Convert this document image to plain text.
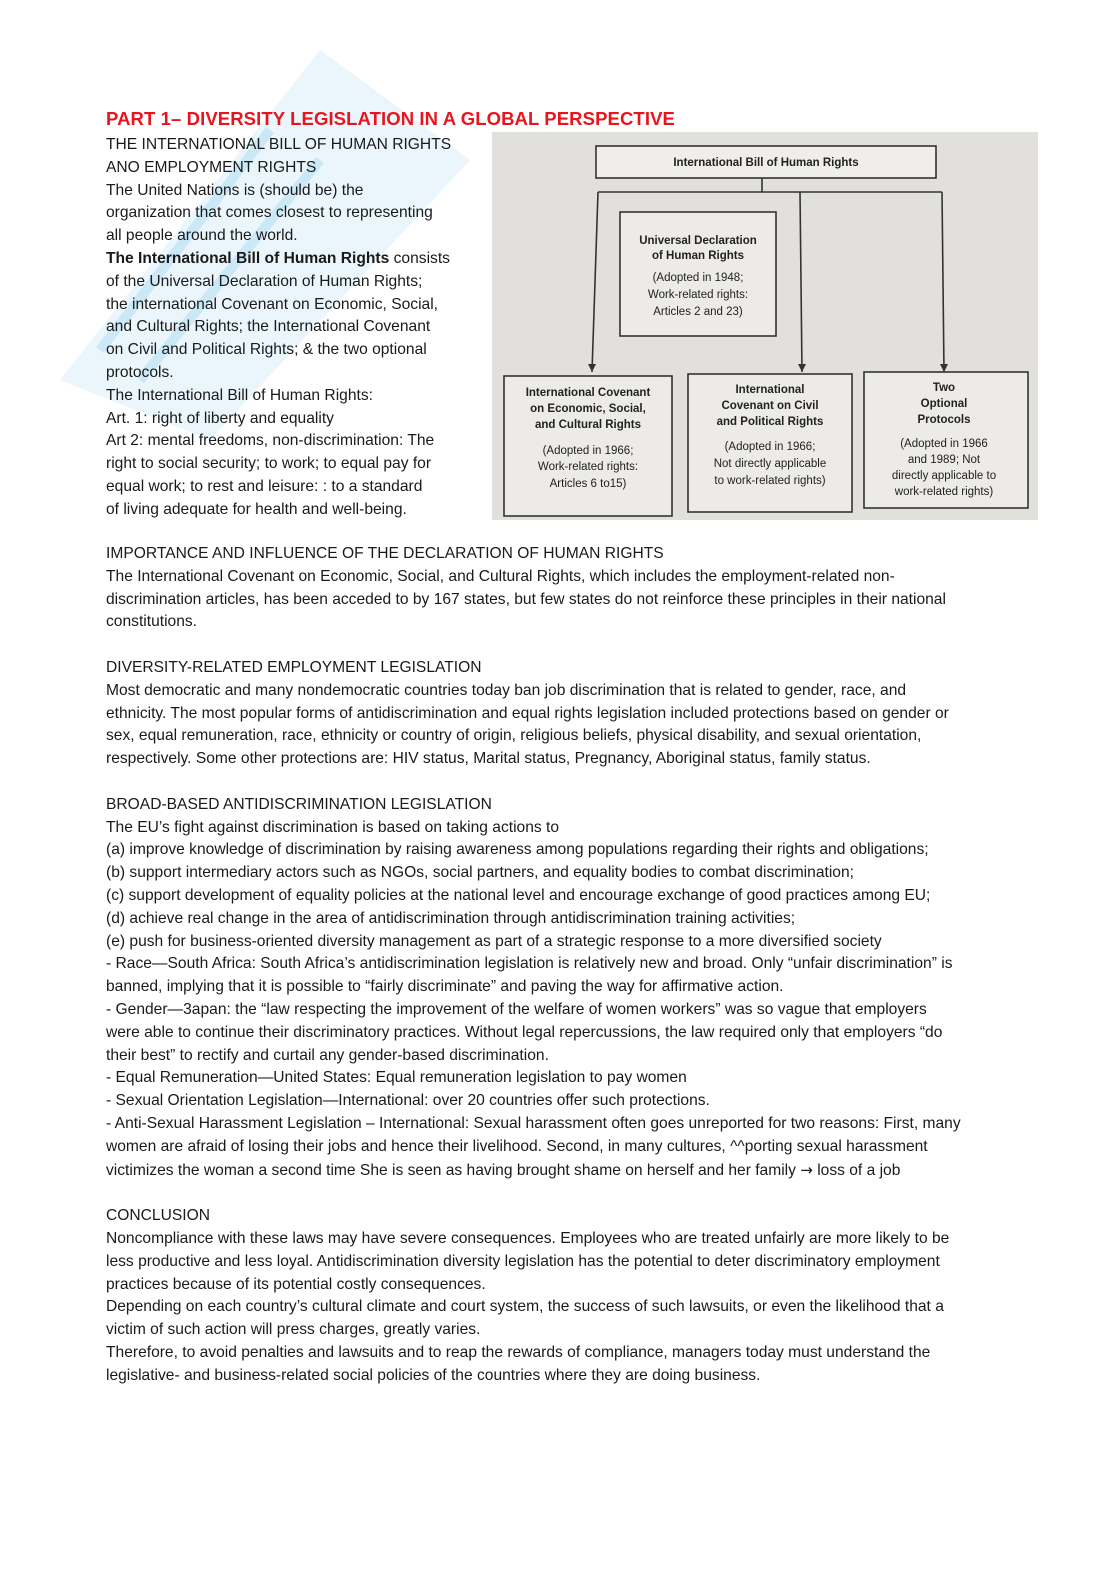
PART 1– DIVERSITY LEGISLATION IN A GLOBAL PERSPECTIVE
THE INTERNATIONAL BILL OF HUMAN RIGHTS
ANO EMPLOYMENT RIGHTS
The United Nations is (should be) the
organization that comes closest to representing
all people around the world.
The International Bill of Human Rights consists
of the Universal Declaration of Human Rights;
the international Covenant on Economic, Social,
and Cultural Rights; the International Covenant
on Civil and Political Rights; & the two optional
protocols.
The International Bill of Human Rights:
Art. 1: right of liberty and equality
Art 2: mental freedoms, non-discrimination: The
right to social security; to work; to equal pay for
equal work; to rest and leisure: : to a standard
of living adequate for health and well-being.
International Bill of Human Rights
Universal Declaration
of Human Rights
(Adopted in 1948;
Work-related rights:
Articles 2 and 23)
International Covenant
on Economic, Social,
and Cultural Rights
(Adopted in 1966;
Work-related rights:
Articles 6 to15)
International
Covenant on Civil
and Political Rights
(Adopted in 1966;
Not directly applicable
to work-related rights)
Two
Optional
Protocols
(Adopted in 1966
and 1989; Not
directly applicable to
work-related rights)
IMPORTANCE AND INFLUENCE OF THE DECLARATION OF HUMAN RIGHTS
The International Covenant on Economic, Social, and Cultural Rights, which includes the employment-related non-
discrimination articles, has been acceded to by 167 states, but few states do not reinforce these principles in their national
constitutions.
DIVERSITY-RELATED EMPLOYMENT LEGISLATION
Most democratic and many nondemocratic countries today ban job discrimination that is related to gender, race, and
ethnicity. The most popular forms of antidiscrimination and equal rights legislation included protections based on gender or
sex, equal remuneration, race, ethnicity or country of origin, religious beliefs, physical disability, and sexual orientation,
respectively. Some other protections are: HIV status, Marital status, Pregnancy, Aboriginal status, family status.
BROAD-BASED ANTIDISCRIMINATION LEGISLATION
The EU’s fight against discrimination is based on taking actions to
(a) improve knowledge of discrimination by raising awareness among populations regarding their rights and obligations;
(b) support intermediary actors such as NGOs, social partners, and equality bodies to combat discrimination;
(c) support development of equality policies at the national level and encourage exchange of good practices among EU;
(d) achieve real change in the area of antidiscrimination through antidiscrimination training activities;
(e) push for business-oriented diversity management as part of a strategic response to a more diversified society
- Race—South Africa: South Africa’s antidiscrimination legislation is relatively new and broad. Only “unfair discrimination” is
banned, implying that it is possible to “fairly discriminate” and paving the way for affirmative action.
- Gender—3apan: the “law respecting the improvement of the welfare of women workers” was so vague that employers
were able to continue their discriminatory practices. Without legal repercussions, the law required only that employers “do
their best” to rectify and curtail any gender-based discrimination.
- Equal Remuneration—United States: Equal remuneration legislation to pay women
- Sexual Orientation Legislation—International: over 20 countries offer such protections.
- Anti-Sexual Harassment Legislation – International: Sexual harassment often goes unreported for two reasons: First, many
women are afraid of losing their jobs and hence their livelihood. Second, in many cultures, ^^porting sexual harassment
victimizes the woman a second time She is seen as having brought shame on herself and her family → loss of a job
CONCLUSION
Noncompliance with these laws may have severe consequences. Employees who are treated unfairly are more likely to be
less productive and less loyal. Antidiscrimination diversity legislation has the potential to deter discriminatory employment
practices because of its potential costly consequences.
Depending on each country’s cultural climate and court system, the success of such lawsuits, or even the likelihood that a
victim of such action will press charges, greatly varies.
Therefore, to avoid penalties and lawsuits and to reap the rewards of compliance, managers today must understand the
legislative- and business-related social policies of the countries where they are doing business.
